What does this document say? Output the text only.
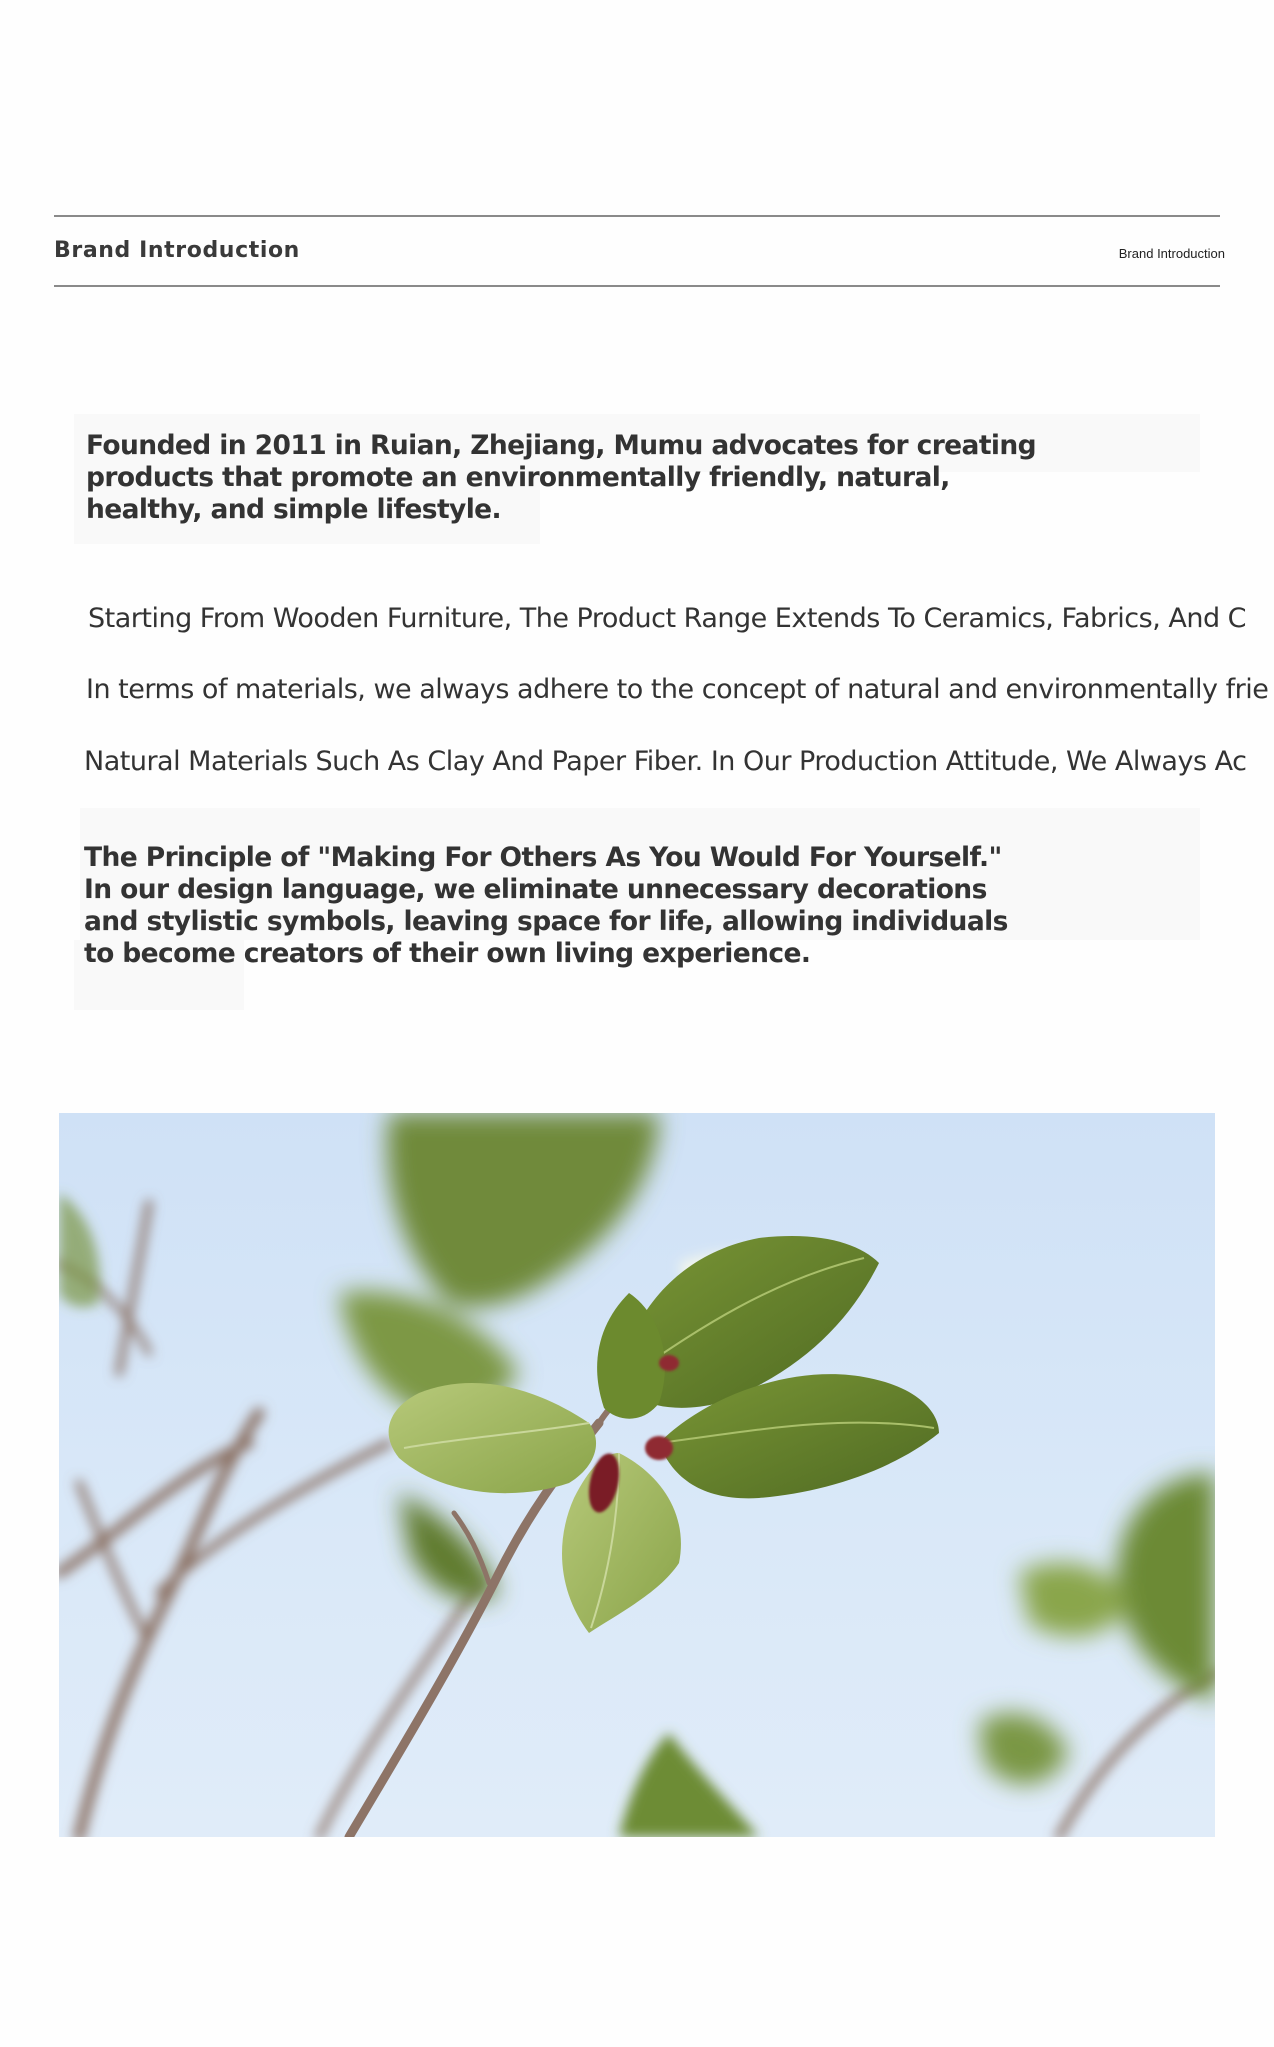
Brand Introduction	Brand Introduction
Founded in 2011 in Ruian, Zhejiang, Mumu advocates for creating
products that promote an environmentally friendly, natural,
healthy, and simple lifestyle.
Starting From Wooden Furniture, The Product Range Extends To Ceramics, Fabrics, And C
In terms of materials, we always adhere to the concept of natural and environmentally frie
Natural Materials Such As Clay And Paper Fiber. In Our Production Attitude, We Always Ac
The Principle of "Making For Others As You Would For Yourself."
In our design language, we eliminate unnecessary decorations
and stylistic symbols, leaving space for life, allowing individuals
to become creators of their own living experience.
